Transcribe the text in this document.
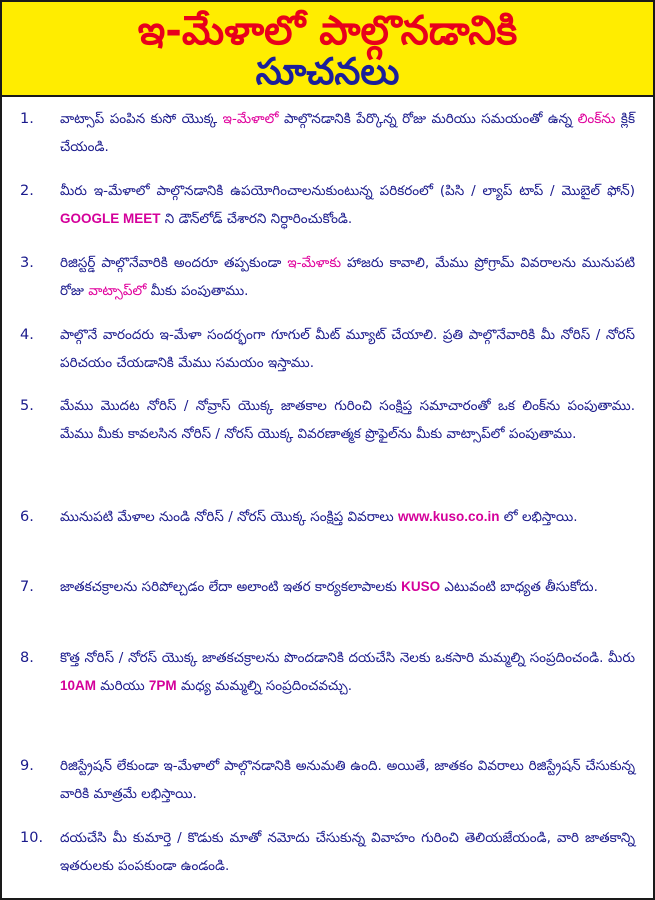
ఇ-మేళాలో పాల్గొనడానికి
సూచనలు
1.	వాట్సాప్ పంపిన కుసో యొక్క ఇ-మేళాలో పాల్గొనడానికి పేర్కొన్న రోజు మరియు సమయంతో ఉన్న లింక్‌ను క్లిక్ చేయండి.
2.	మీరు ఇ-మేళాలో పాల్గొనడానికి ఉపయోగించాలనుకుంటున్న పరికరంలో (పిసి / ల్యాప్ టాప్ / మొబైల్ ఫోన్) GOOGLE MEET ని డౌన్‌లోడ్ చేశారని నిర్ధారించుకోండి.
3.	రిజిస్టర్డ్ పాల్గొనేవారికి అందరూ తప్పకుండా ఇ-మేళాకు హాజరు కావాలి, మేము ప్రోగ్రామ్ వివరాలను మునుపటి రోజు వాట్సాప్‌లో మీకు పంపుతాము.
4.	పాల్గొనే వారందరు ఇ-మేళా సందర్భంగా గూగుల్ మీట్ మ్యూట్ చేయాలి. ప్రతి పాల్గొనేవారికి మీ నోరిస్ / నోరస్ పరిచయం చేయడానికి మేము సమయం ఇస్తాము.
5.	మేము మొదట నోరిస్ / నోవ్రాస్ యొక్క జాతకాల గురించి సంక్షిప్త సమాచారంతో ఒక లింక్‌ను పంపుతాము. మేము మీకు కావలసిన నోరిస్ / నోరస్ యొక్క వివరణాత్మక ప్రొఫైల్‌ను మీకు వాట్సాప్‌లో పంపుతాము.
6.	మునుపటి మేళాల నుండి నోరిస్ / నోరస్ యొక్క సంక్షిప్త వివరాలు www.kuso.co.in లో లభిస్తాయి.
7.	జాతకచక్రాలను సరిపోల్చడం లేదా అలాంటి ఇతర కార్యకలాపాలకు KUSO ఎటువంటి బాధ్యత తీసుకోదు.
8.	కొత్త నోరిస్ / నోరస్ యొక్క జాతకచక్రాలను పొందడానికి దయచేసి నెలకు ఒకసారి మమ్మల్ని సంప్రదించండి. మీరు 10AM మరియు 7PM మధ్య మమ్మల్ని సంప్రదించవచ్చు.
9.	రిజిస్ట్రేషన్ లేకుండా ఇ-మేళాలో పాల్గొనడానికి అనుమతి ఉంది. అయితే, జాతకం వివరాలు రిజిస్ట్రేషన్ చేసుకున్న వారికి మాత్రమే లభిస్తాయి.
10.	దయచేసి మీ కుమార్తె / కొడుకు మాతో నమోదు చేసుకున్న వివాహం గురించి తెలియజేయండి, వారి జాతకాన్ని ఇతరులకు పంపకుండా ఉండండి.
